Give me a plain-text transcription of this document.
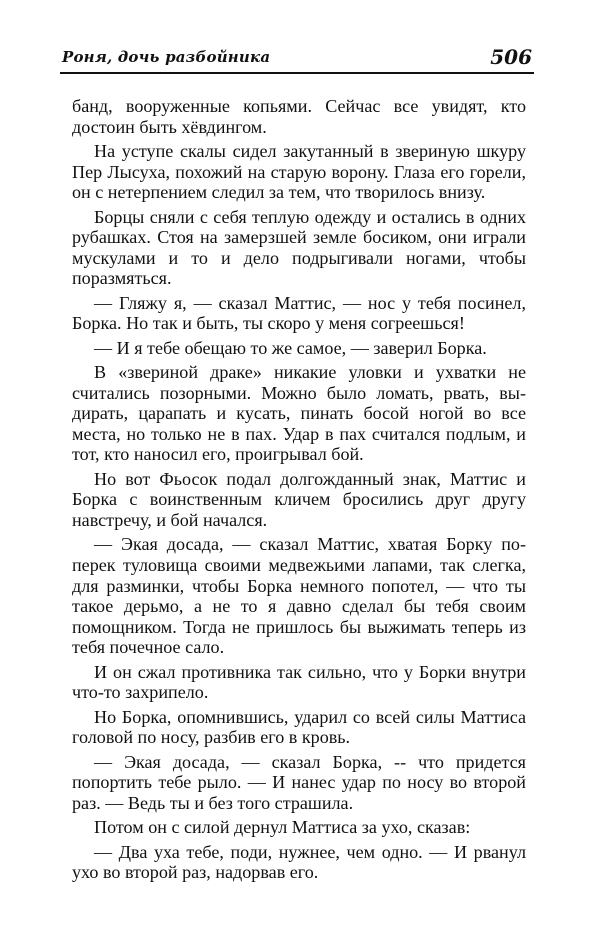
Роня, дочь разбойника	506

банд, вооруженные копьями. Сейчас все увидят, кто достоин быть хёвдингом.

На уступе скалы сидел закутанный в звериную шкуру Пер Лысуха, похожий на старую ворону. Глаза его горели, он с нетерпением следил за тем, что творилось внизу.

Борцы сняли с себя теплую одежду и остались в одних рубашках. Стоя на замерзшей земле босиком, они играли мускулами и то и дело подрыгивали ногами, чтобы поразмяться.

— Гляжу я, — сказал Маттис, — нос у тебя посинел, Борка. Но так и быть, ты скоро у меня согреешься!

— И я тебе обещаю то же самое, — заверил Борка.

В «звериной драке» никакие уловки и ухватки не считались позорными. Можно было ломать, рвать, выдирать, царапать и кусать, пинать босой ногой во все места, но только не в пах. Удар в пах считался подлым, и тот, кто наносил его, проигрывал бой.

Но вот Фьосок подал долгожданный знак, Маттис и Борка с воинственным кличем бросились друг другу навстречу, и бой начался.

— Экая досада, — сказал Маттис, хватая Борку поперек туловища своими медвежьими лапами, так слегка, для разминки, чтобы Борка немного попотел, — что ты такое дерьмо, а не то я давно сделал бы тебя своим помощником. Тогда не пришлось бы выжимать теперь из тебя почечное сало.

И он сжал противника так сильно, что у Борки внутри что-то захрипело.

Но Борка, опомнившись, ударил со всей силы Маттиса головой по носу, разбив его в кровь.

— Экая досада, — сказал Борка, -- что придется попортить тебе рыло. — И нанес удар по носу во второй раз. — Ведь ты и без того страшила.

Потом он с силой дернул Маттиса за ухо, сказав:

— Два уха тебе, поди, нужнее, чем одно. — И рванул ухо во второй раз, надорвав его.
